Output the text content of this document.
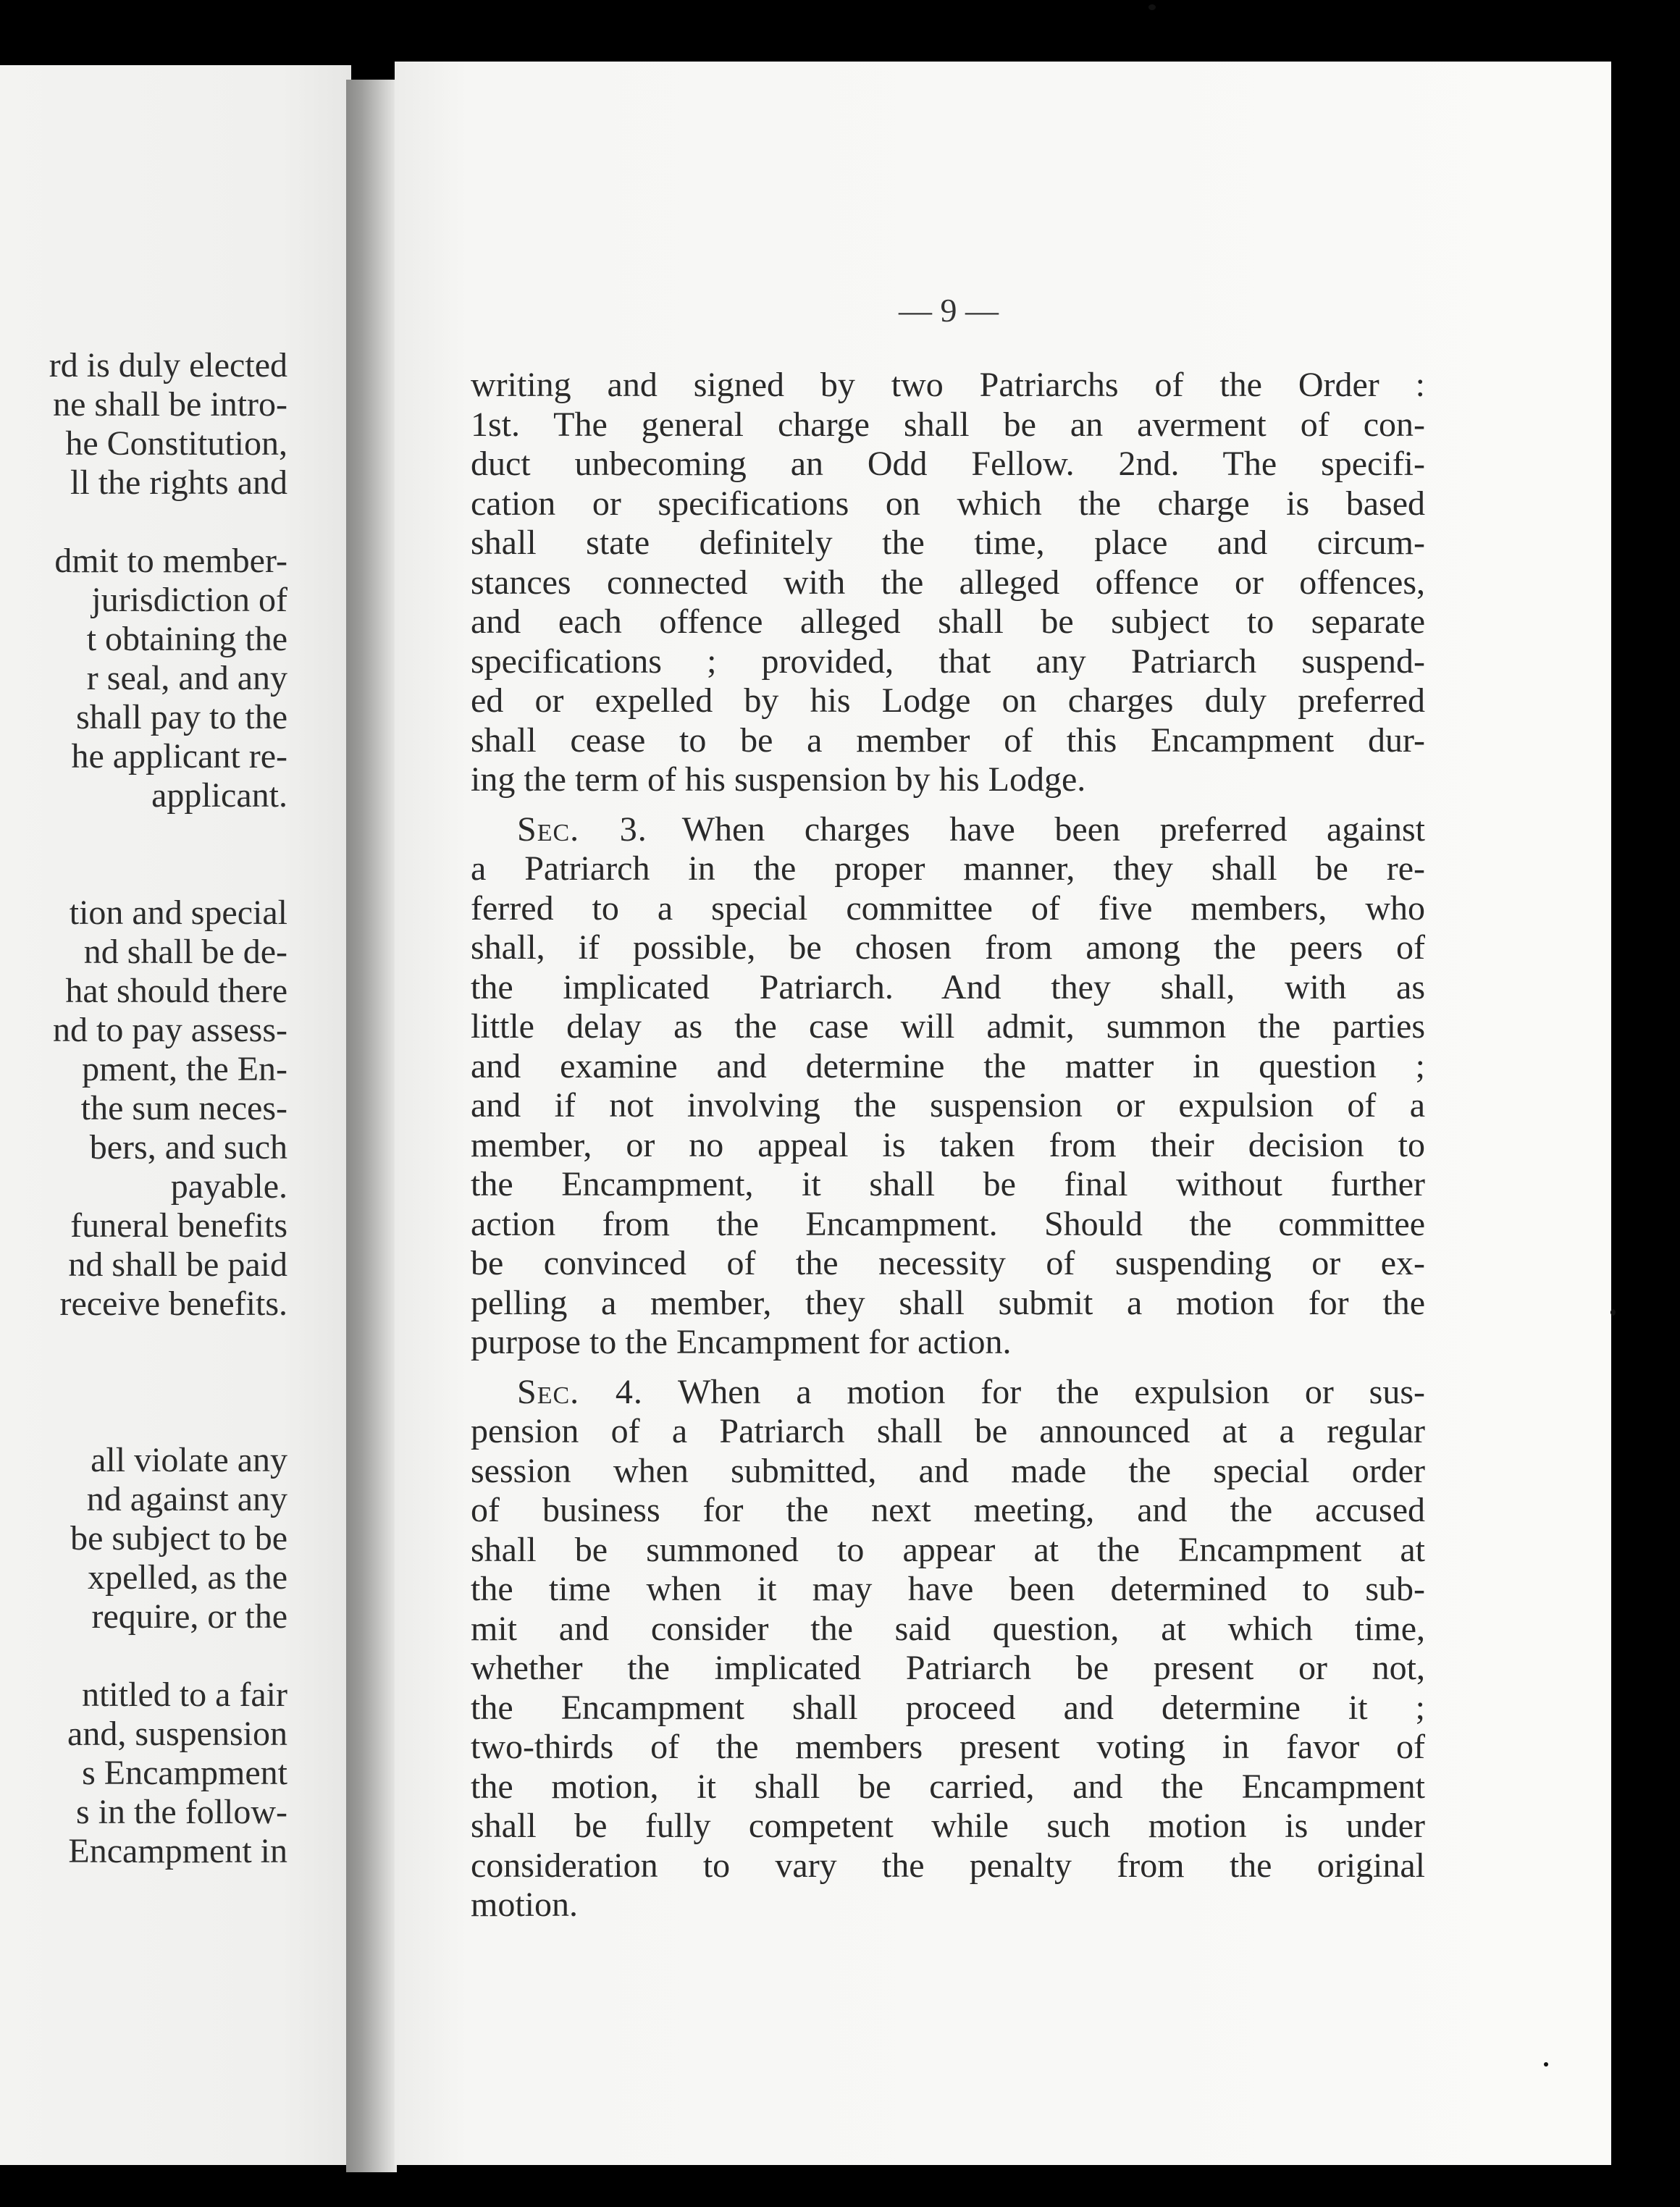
rd is duly elected
ne shall be intro-
he Constitution,
ll the rights and
dmit to member-
jurisdiction of
t obtaining the
r seal, and any
shall pay to the
he applicant re-
applicant.
tion and special
nd shall be de-
hat should there
nd to pay assess-
pment, the En-
the sum neces-
bers, and such
payable.
funeral benefits
nd shall be paid
receive benefits.
all violate any
nd against any
be subject to be
xpelled, as the
require, or the
ntitled to a fair
and, suspension
s Encampment
s in the follow-
Encampment in
— 9 —
writing and signed by two Patriarchs of the Order :
1st. The general charge shall be an averment of con-
duct unbecoming an Odd Fellow. 2nd. The specifi-
cation or specifications on which the charge is based
shall state definitely the time, place and circum-
stances connected with the alleged offence or offences,
and each offence alleged shall be subject to separate
specifications ; provided, that any Patriarch suspend-
ed or expelled by his Lodge on charges duly preferred
shall cease to be a member of this Encampment dur-
ing the term of his suspension by his Lodge.
Sec. 3.  When charges have been preferred against
a Patriarch in the proper manner, they shall be re-
ferred to a special committee of five members, who
shall, if possible, be chosen from among the peers of
the implicated Patriarch. And they shall, with as
little delay as the case will admit, summon the parties
and examine and determine the matter in question ;
and if not involving the suspension or expulsion of a
member, or no appeal is taken from their decision to
the Encampment, it shall be final without further
action from the Encampment. Should the committee
be convinced of the necessity of suspending or ex-
pelling a member, they shall submit a motion for the
purpose to the Encampment for action.
Sec. 4.  When a motion for the expulsion or sus-
pension of a Patriarch shall be announced at a regular
session when submitted, and made the special order
of business for the next meeting, and the accused
shall be summoned to appear at the Encampment at
the time when it may have been determined to sub-
mit and consider the said question, at which time,
whether the implicated Patriarch be present or not,
the Encampment shall proceed and determine it ;
two-thirds of the members present voting in favor of
the motion, it shall be carried, and the Encampment
shall be fully competent while such motion is under
consideration to vary the penalty from the original
motion.
